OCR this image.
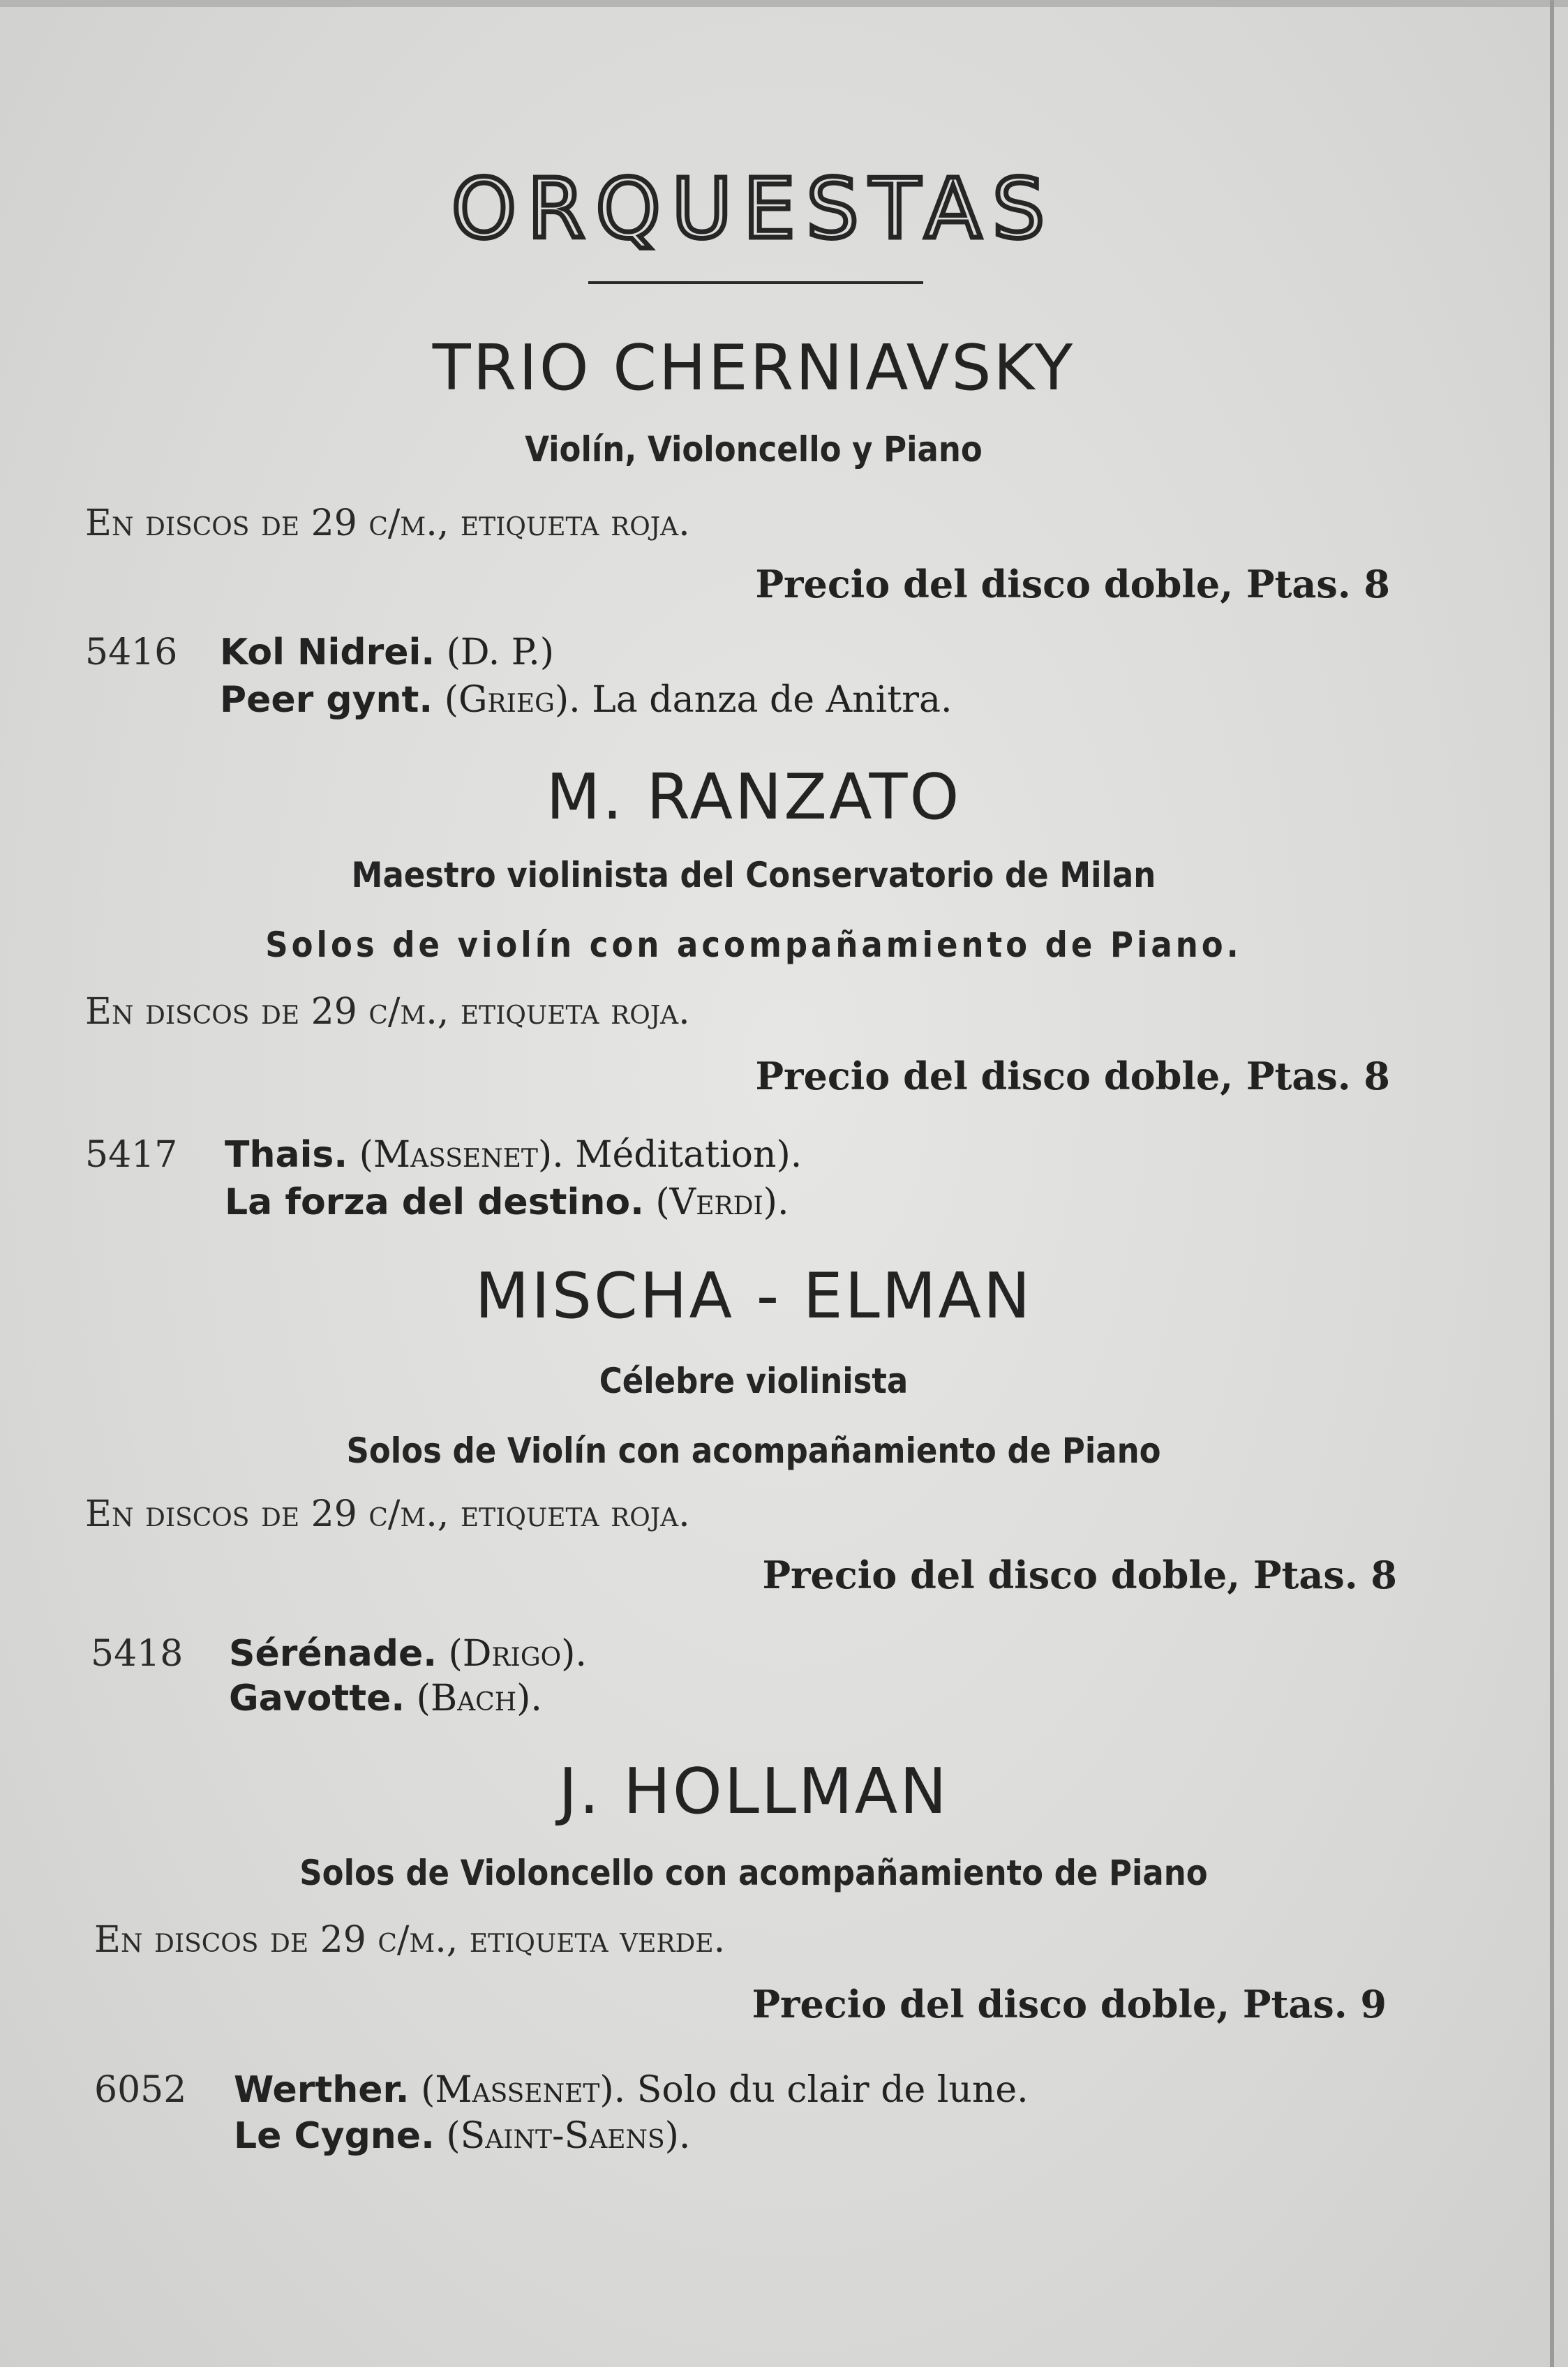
ORQUESTAS
TRIO CHERNIAVSKY
Violín, Violoncello y Piano
En discos de 29 c/m., etiqueta roja.
Precio del disco doble, Ptas. 8
5416 Kol Nidrei. (D. P.)
Peer gynt. (Grieg). La danza de Anitra.
M. RANZATO
Maestro violinista del Conservatorio de Milan
Solos de violín con acompañamiento de Piano.
En discos de 29 c/m., etiqueta roja.
Precio del disco doble, Ptas. 8
5417 Thais. (Massenet). Méditation).
La forza del destino. (Verdi).
MISCHA - ELMAN
Célebre violinista
Solos de Violín con acompañamiento de Piano
En discos de 29 c/m., etiqueta roja.
Precio del disco doble, Ptas. 8
5418 Sérénade. (Drigo).
Gavotte. (Bach).
J. HOLLMAN
Solos de Violoncello con acompañamiento de Piano
En discos de 29 c/m., etiqueta verde.
Precio del disco doble, Ptas. 9
6052 Werther. (Massenet). Solo du clair de lune.
Le Cygne. (Saint-Saens).
